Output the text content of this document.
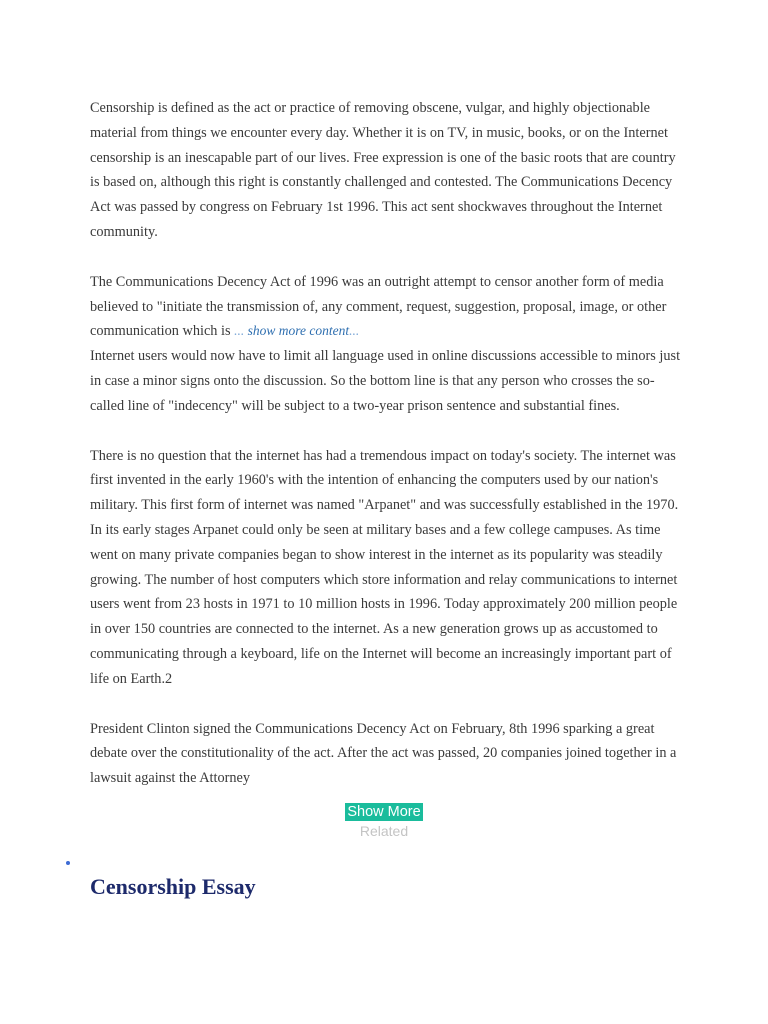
Censorship is defined as the act or practice of removing obscene, vulgar, and highly objectionable material from things we encounter every day. Whether it is on TV, in music, books, or on the Internet censorship is an inescapable part of our lives. Free expression is one of the basic roots that are country is based on, although this right is constantly challenged and contested. The Communications Decency Act was passed by congress on February 1st 1996. This act sent shockwaves throughout the Internet community.

The Communications Decency Act of 1996 was an outright attempt to censor another form of media believed to "initiate the transmission of, any comment, request, suggestion, proposal, image, or other communication which is ... show more content...

Internet users would now have to limit all language used in online discussions accessible to minors just in case a minor signs onto the discussion. So the bottom line is that any person who crosses the so-called line of "indecency" will be subject to a two-year prison sentence and substantial fines.

There is no question that the internet has had a tremendous impact on today's society. The internet was first invented in the early 1960's with the intention of enhancing the computers used by our nation's military. This first form of internet was named "Arpanet" and was successfully established in the 1970. In its early stages Arpanet could only be seen at military bases and a few college campuses. As time went on many private companies began to show interest in the internet as its popularity was steadily growing. The number of host computers which store information and relay communications to internet users went from 23 hosts in 1971 to 10 million hosts in 1996. Today approximately 200 million people in over 150 countries are connected to the internet. As a new generation grows up as accustomed to communicating through a keyboard, life on the Internet will become an increasingly important part of life on Earth.2

President Clinton signed the Communications Decency Act on February, 8th 1996 sparking a great debate over the constitutionality of the act. After the act was passed, 20 companies joined together in a lawsuit against the Attorney

Show More
Related
Censorship Essay
